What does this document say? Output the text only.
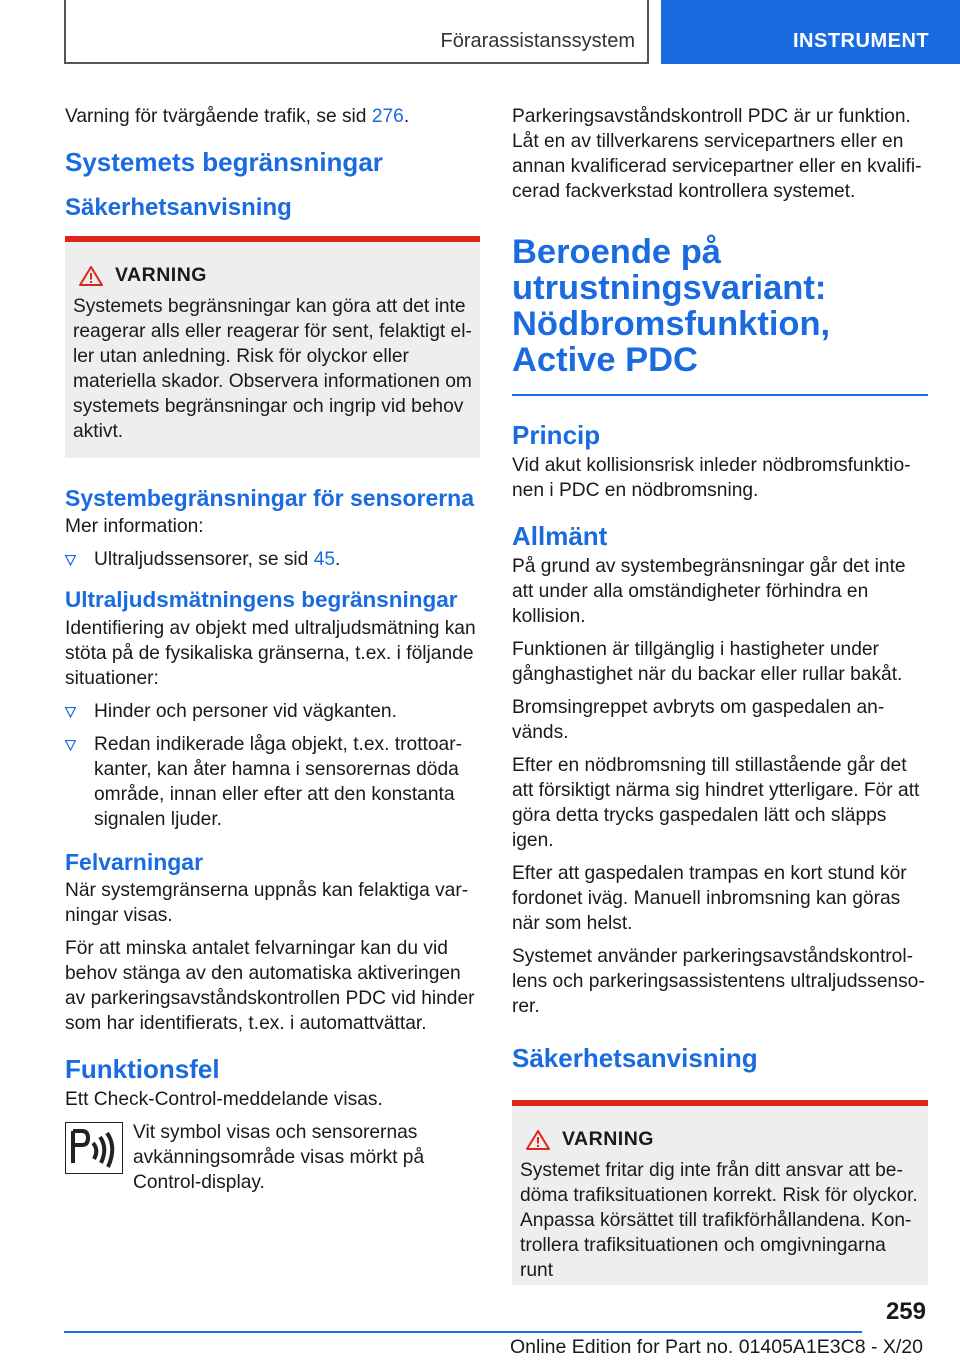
Förarassistanssystem	INSTRUMENT

Varning för tvärgående trafik, se sid 276.

Systemets begränsningar
Säkerhetsanvisning
VARNING

Systemets begränsningar kan göra att det inte reagerar alls eller reagerar för sent, felaktigt eller utan anledning. Risk för olyckor eller materiella skador. Observera informationen om systemets begränsningar och ingrip vid behov aktivt.

Systembegränsningar för sensorerna

Mer information:

Ultraljudssensorer, se sid 45.
Ultraljudsmätningens begränsningar

Identifiering av objekt med ultraljudsmätning kan stöta på de fysikaliska gränserna, t.ex. i följande situationer:

Hinder och personer vid vägkanten.
Redan indikerade låga objekt, t.ex. trottoarkanter, kan åter hamna i sensorernas döda område, innan eller efter att den konstanta signalen ljuder.
Felvarningar

När systemgränserna uppnås kan felaktiga varningar visas.

För att minska antalet felvarningar kan du vid behov stänga av den automatiska aktiveringen av parkeringsavståndskontrollen PDC vid hinder som har identifierats, t.ex. i automattvättar.

Funktionsfel

Ett Check-Control-meddelande visas.

Vit symbol visas och sensorernas avkänningsområde visas mörkt på Control-display.

Parkeringsavståndskontroll PDC är ur funktion. Låt en av tillverkarens servicepartners eller en annan kvalificerad servicepartner eller en kvalificerad fackverkstad kontrollera systemet.

Beroende på utrustningsvariant: Nödbromsfunktion, Active PDC
Princip

Vid akut kollisionsrisk inleder nödbromsfunktionen i PDC en nödbromsning.

Allmänt

På grund av systembegränsningar går det inte att under alla omständigheter förhindra en kollision.

Funktionen är tillgänglig i hastigheter under gånghastighet när du backar eller rullar bakåt.

Bromsingreppet avbryts om gaspedalen används.

Efter en nödbromsning till stillastående går det att försiktigt närma sig hindret ytterligare. För att göra detta trycks gaspedalen lätt och släpps igen.

Efter att gaspedalen trampas en kort stund kör fordonet iväg. Manuell inbromsning kan göras när som helst.

Systemet använder parkeringsavståndskontrollens och parkeringsassistentens ultraljudssensorer.

Säkerhetsanvisning
VARNING

Systemet fritar dig inte från ditt ansvar att bedöma trafiksituationen korrekt. Risk för olyckor. Anpassa körsättet till trafikförhållandena. Kontrollera trafiksituationen och omgivningarna runt

259
Online Edition for Part no. 01405A1E3C8 - X/20
